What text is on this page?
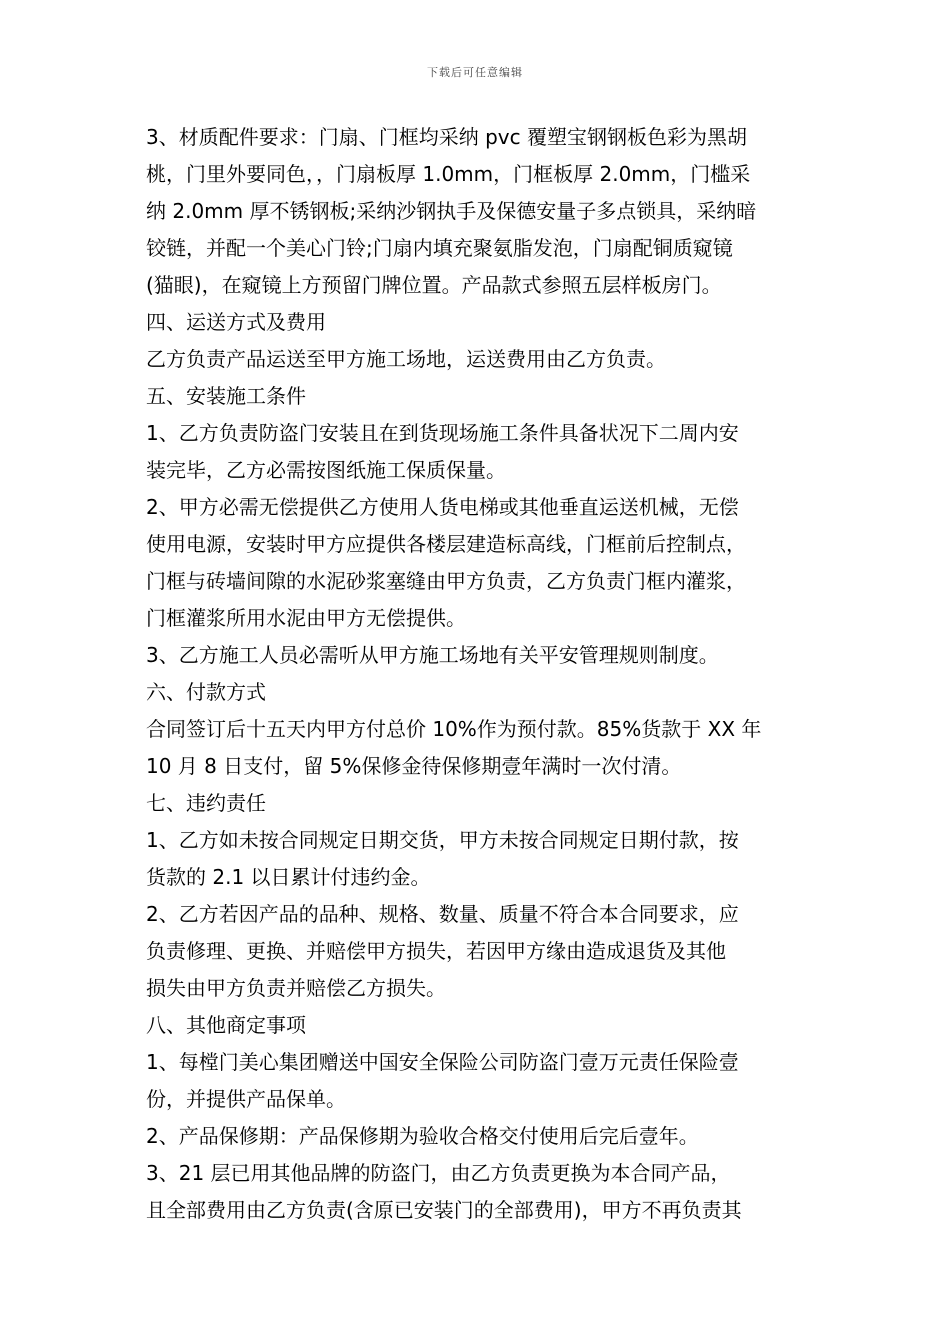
下载后可任意编辑
3、材质配件要求：门扇、门框均采纳 pvc 覆塑宝钢钢板色彩为黑胡
桃，门里外要同色，，门扇板厚 1.0mm，门框板厚 2.0mm，门槛采
纳 2.0mm 厚不锈钢板;采纳沙钢执手及保德安量子多点锁具，采纳暗
铰链，并配一个美心门铃;门扇内填充聚氨脂发泡，门扇配铜质窥镜
(猫眼)，在窥镜上方预留门牌位置。产品款式参照五层样板房门。
四、运送方式及费用
乙方负责产品运送至甲方施工场地，运送费用由乙方负责。
五、安装施工条件
1、乙方负责防盗门安装且在到货现场施工条件具备状况下二周内安
装完毕，乙方必需按图纸施工保质保量。
2、甲方必需无偿提供乙方使用人货电梯或其他垂直运送机械，无偿
使用电源，安装时甲方应提供各楼层建造标高线，门框前后控制点，
门框与砖墙间隙的水泥砂浆塞缝由甲方负责，乙方负责门框内灌浆，
门框灌浆所用水泥由甲方无偿提供。
3、乙方施工人员必需听从甲方施工场地有关平安管理规则制度。
六、付款方式
合同签订后十五天内甲方付总价 10%作为预付款。85%货款于 XX 年
10 月 8 日支付，留 5%保修金待保修期壹年满时一次付清。
七、违约责任
1、乙方如未按合同规定日期交货，甲方未按合同规定日期付款，按
货款的 2.1 以日累计付违约金。
2、乙方若因产品的品种、规格、数量、质量不符合本合同要求，应
负责修理、更换、并赔偿甲方损失，若因甲方缘由造成退货及其他
损失由甲方负责并赔偿乙方损失。
八、其他商定事项
1、每樘门美心集团赠送中国安全保险公司防盗门壹万元责任保险壹
份，并提供产品保单。
2、产品保修期：产品保修期为验收合格交付使用后完后壹年。
3、21 层已用其他品牌的防盗门，由乙方负责更换为本合同产品，
且全部费用由乙方负责(含原已安装门的全部费用)，甲方不再负责其
